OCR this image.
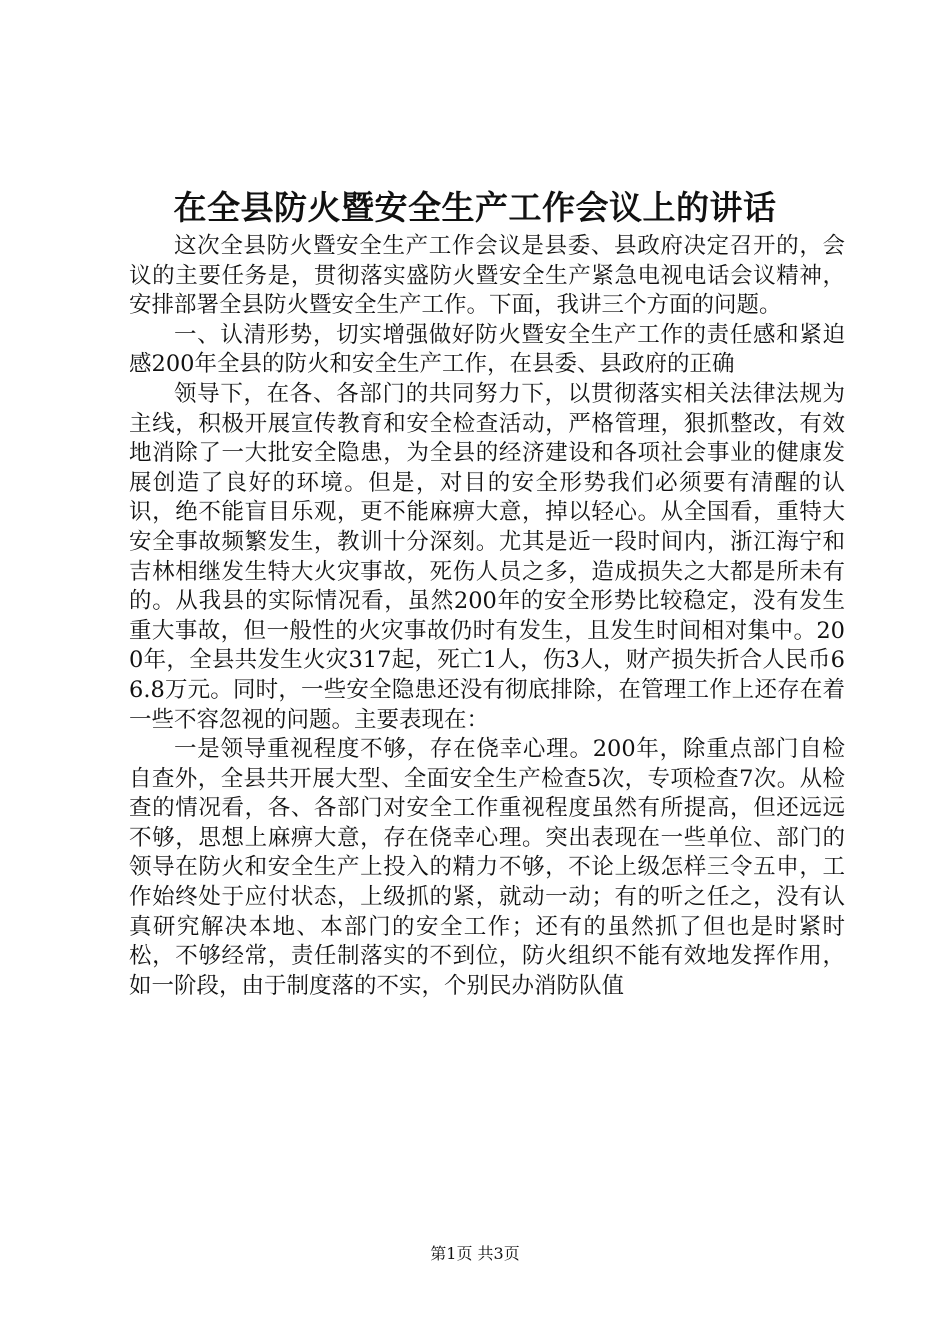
在全县防火暨安全生产工作会议上的讲话

这次全县防火暨安全生产工作会议是县委、县政府决定召开的，会议的主要任务是，贯彻落实盛防火暨安全生产紧急电视电话会议精神，安排部署全县防火暨安全生产工作。下面，我讲三个方面的问题。

一、认清形势，切实增强做好防火暨安全生产工作的责任感和紧迫感200年全县的防火和安全生产工作，在县委、县政府的正确

领导下，在各、各部门的共同努力下，以贯彻落实相关法律法规为主线，积极开展宣传教育和安全检查活动，严格管理，狠抓整改，有效地消除了一大批安全隐患，为全县的经济建设和各项社会事业的健康发展创造了良好的环境。但是，对目的安全形势我们必须要有清醒的认识，绝不能盲目乐观，更不能麻痹大意，掉以轻心。从全国看，重特大安全事故频繁发生，教训十分深刻。尤其是近一段时间内，浙江海宁和吉林相继发生特大火灾事故，死伤人员之多，造成损失之大都是所未有的。从我县的实际情况看，虽然200年的安全形势比较稳定，没有发生重大事故，但一般性的火灾事故仍时有发生，且发生时间相对集中。200年，全县共发生火灾317起，死亡1人，伤3人，财产损失折合人民币66.8万元。同时，一些安全隐患还没有彻底排除，在管理工作上还存在着一些不容忽视的问题。主要表现在：

一是领导重视程度不够，存在侥幸心理。200年，除重点部门自检自查外，全县共开展大型、全面安全生产检查5次，专项检查7次。从检查的情况看，各、各部门对安全工作重视程度虽然有所提高，但还远远不够，思想上麻痹大意，存在侥幸心理。突出表现在一些单位、部门的领导在防火和安全生产上投入的精力不够，不论上级怎样三令五申，工作始终处于应付状态，上级抓的紧，就动一动；有的听之任之，没有认真研究解决本地、本部门的安全工作；还有的虽然抓了但也是时紧时松，不够经常，责任制落实的不到位，防火组织不能有效地发挥作用，如一阶段，由于制度落的不实，个别民办消防队值

第1页 共3页
